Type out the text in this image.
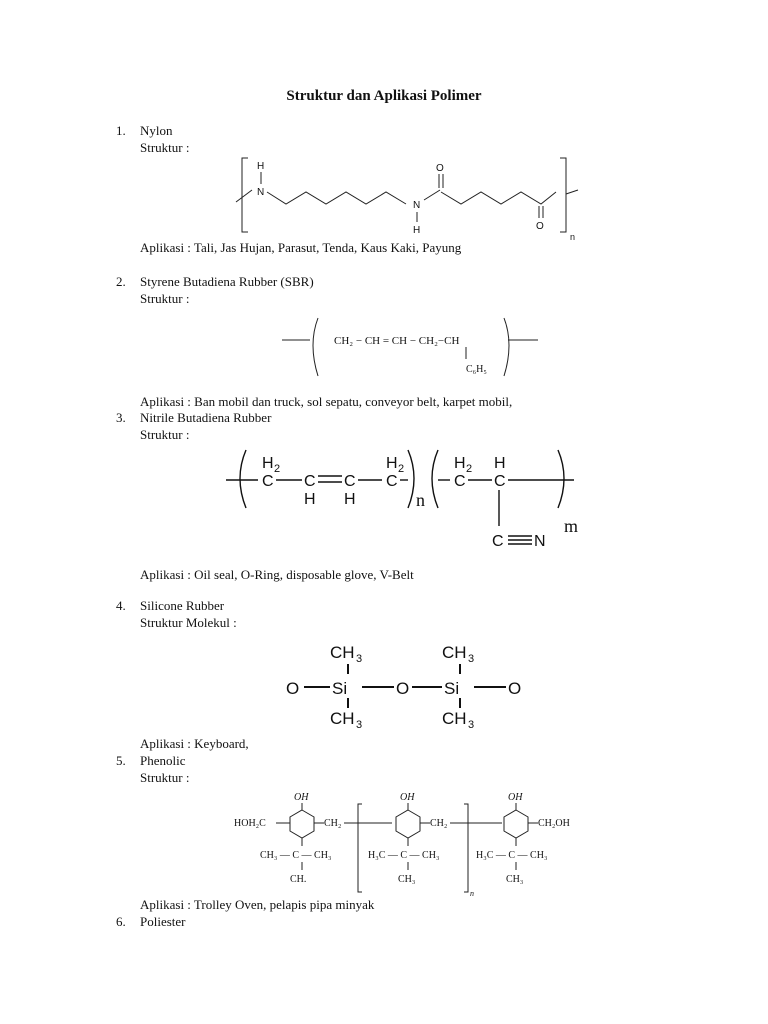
Struktur dan Aplikasi Polimer
1. Nylon
Struktur :
H
N
N
H
O
O
n
Aplikasi : Tali, Jas Hujan, Parasut, Tenda, Kaus Kaki, Payung
2. Styrene Butadiena Rubber (SBR)
Struktur :
CH₂ − CH = CH − CH₂−CH
C₆H₅
Aplikasi : Ban mobil dan truck, sol sepatu, conveyor belt, karpet mobil,
3. Nitrile Butadiena Rubber
Struktur :
H 2
C C
H
C
H
H 2
C
n
H 2
C
H
C
C N
m
Aplikasi : Oil seal, O-Ring, disposable glove, V-Belt
4. Silicone Rubber
Struktur Molekul :
O Si
CH 3
CH 3
O Si
CH 3
CH 3
O
Aplikasi : Keyboard,
5. Phenolic
Struktur :
OH
HOH₂C	CH₂
CH₃ — C — CH₃
CH.
OH
CH₂
H₃C — C — CH₃
CH₃
n
OH
CH₂OH
H₃C — C — CH₃
CH₃
Aplikasi : Trolley Oven, pelapis pipa minyak
6. Poliester
